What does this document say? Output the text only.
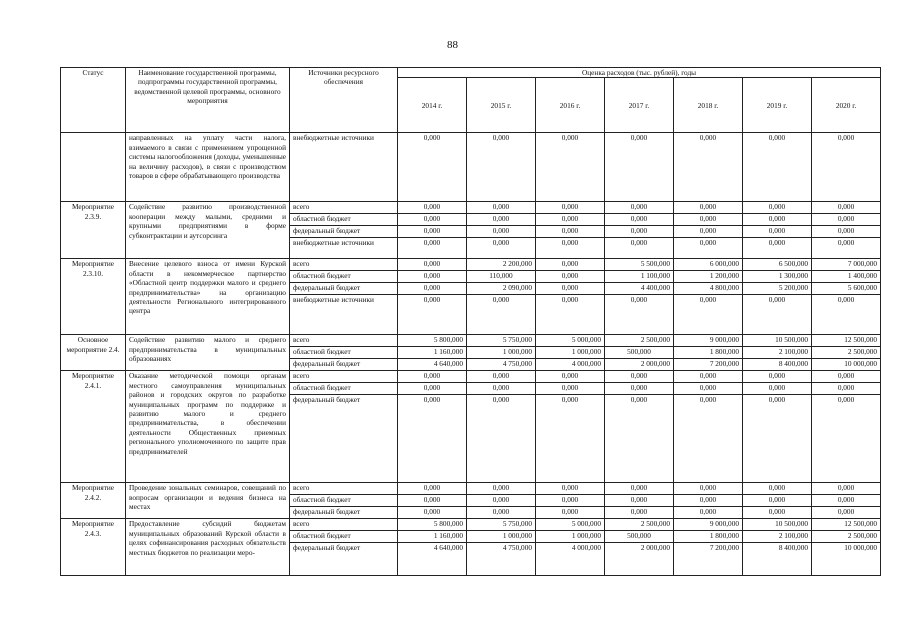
88
Статус	Наименование государственной программы, подпрограммы государственной программы, ведомственной целевой программы, основного мероприятия	Источники ресурсного обеспечения	Оценка расходов (тыс. рублей), годы						
			2014 г.	2015 г.	2016 г.	2017 г.	2018 г.	2019 г.	2020 г.
	направленных на уплату части налога, взимаемого в связи с применением упрощенной системы налогообложения (доходы, уменьшенные на величину расходов), в связи с производством товаров в сфере обрабатывающего производства	внебюджетные источники	0,000	0,000	0,000	0,000	0,000	0,000	0,000
Мероприятие 2.3.9.	Содействие развитию производственной кооперации между малыми, средними и крупными предприятиями в форме субконтрактации и аутсорсинга	всего	0,000	0,000	0,000	0,000	0,000	0,000	0,000
		областной бюджет	0,000	0,000	0,000	0,000	0,000	0,000	0,000
		федеральный бюджет	0,000	0,000	0,000	0,000	0,000	0,000	0,000
		внебюджетные источники	0,000	0,000	0,000	0,000	0,000	0,000	0,000
Мероприятие 2.3.10.	Внесение целевого взноса от имени Курской области в некоммерческое партнерство «Областной центр поддержки малого и среднего предпринимательства» на организацию деятельности Регионального интегрированного центра	всего	0,000	2 200,000	0,000	5 500,000	6 000,000	6 500,000	7 000,000
		областной бюджет	0,000	110,000	0,000	1 100,000	1 200,000	1 300,000	1 400,000
		федеральный бюджет	0,000	2 090,000	0,000	4 400,000	4 800,000	5 200,000	5 600,000
		внебюджетные источники	0,000	0,000	0,000	0,000	0,000	0,000	0,000
Основное мероприятие 2.4.	Содействие развитию малого и среднего предпринимательства в муниципальных образованиях	всего	5 800,000	5 750,000	5 000,000	2 500,000	9 000,000	10 500,000	12 500,000
		областной бюджет	1 160,000	1 000,000	1 000,000	500,000	1 800,000	2 100,000	2 500,000
		федеральный бюджет	4 640,000	4 750,000	4 000,000	2 000,000	7 200,000	8 400,000	10 000,000
Мероприятие 2.4.1.	Оказание методической помощи органам местного самоуправления муниципальных районов и городских округов по разработке муниципальных программ по поддержке и развитию малого и среднего предпринимательства, в обеспечении деятельности Общественных приемных регионального уполномоченного по защите прав предпринимателей	всего	0,000	0,000	0,000	0,000	0,000	0,000	0,000
		областной бюджет	0,000	0,000	0,000	0,000	0,000	0,000	0,000
		федеральный бюджет	0,000	0,000	0,000	0,000	0,000	0,000	0,000
Мероприятие 2.4.2.	Проведение зональных семинаров, совещаний по вопросам организации и ведения бизнеса на местах	всего	0,000	0,000	0,000	0,000	0,000	0,000	0,000
		областной бюджет	0,000	0,000	0,000	0,000	0,000	0,000	0,000
		федеральный бюджет	0,000	0,000	0,000	0,000	0,000	0,000	0,000
Мероприятие 2.4.3.	Предоставление субсидий бюджетам муниципальных образований Курской области в целях софинансирования расходных обязательств местных бюджетов по реализации меро-	всего	5 800,000	5 750,000	5 000,000	2 500,000	9 000,000	10 500,000	12 500,000
		областной бюджет	1 160,000	1 000,000	1 000,000	500,000	1 800,000	2 100,000	2 500,000
		федеральный бюджет	4 640,000	4 750,000	4 000,000	2 000,000	7 200,000	8 400,000	10 000,000
